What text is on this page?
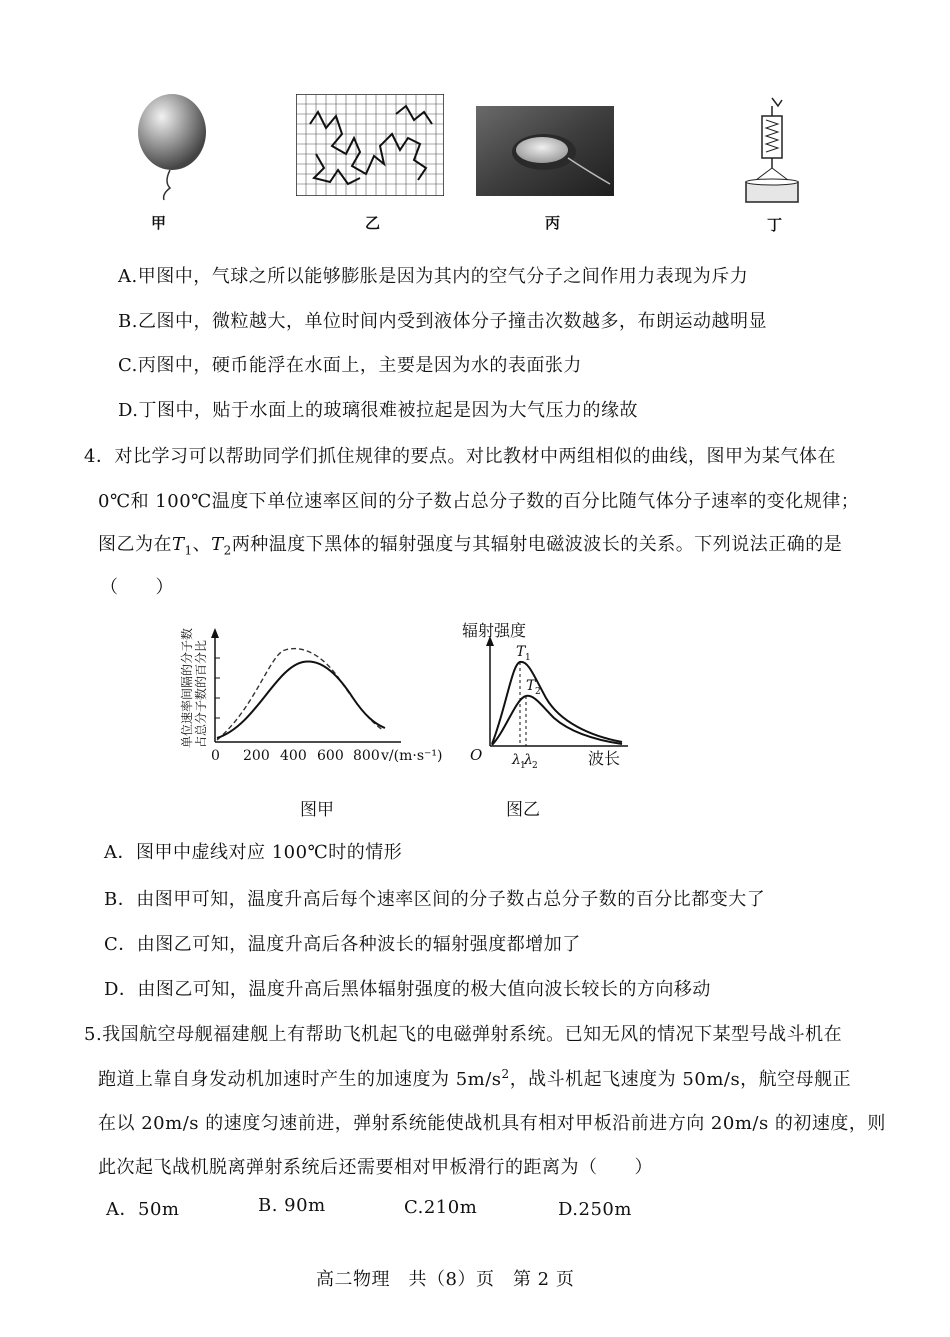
甲	乙	丙	丁
A.甲图中，气球之所以能够膨胀是因为其内的空气分子之间作用力表现为斥力
B.乙图中，微粒越大，单位时间内受到液体分子撞击次数越多，布朗运动越明显
C.丙图中，硬币能浮在水面上，主要是因为水的表面张力
D.丁图中，贴于水面上的玻璃很难被拉起是因为大气压力的缘故
4．对比学习可以帮助同学们抓住规律的要点。对比教材中两组相似的曲线，图甲为某气体在
0℃和 100℃温度下单位速率区间的分子数占总分子数的百分比随气体分子速率的变化规律；
图乙为在$T_1$、$T_2$两种温度下黑体的辐射强度与其辐射电磁波波长的关系。下列说法正确的是
（　　）
单位速率间隔的分子数 占总分子数的百分比
0 200 400 600 800 v/(m·s⁻¹)
图甲
辐射强度
T 1
T 2
O λ 1
λ 2	波长
图乙
A．图甲中虚线对应 100℃时的情形
B．由图甲可知，温度升高后每个速率区间的分子数占总分子数的百分比都变大了
C．由图乙可知，温度升高后各种波长的辐射强度都增加了
D．由图乙可知，温度升高后黑体辐射强度的极大值向波长较长的方向移动
5.我国航空母舰福建舰上有帮助飞机起飞的电磁弹射系统。已知无风的情况下某型号战斗机在
跑道上靠自身发动机加速时产生的加速度为 $5m/s^2$，战斗机起飞速度为 50m/s，航空母舰正
在以 20m/s 的速度匀速前进，弹射系统能使战机具有相对甲板沿前进方向 20m/s 的初速度，则
此次起飞战机脱离弹射系统后还需要相对甲板滑行的距离为（　　）
A．50m	B. 90m	C.210m	D.250m
高二物理　共（8）页　第 2 页
